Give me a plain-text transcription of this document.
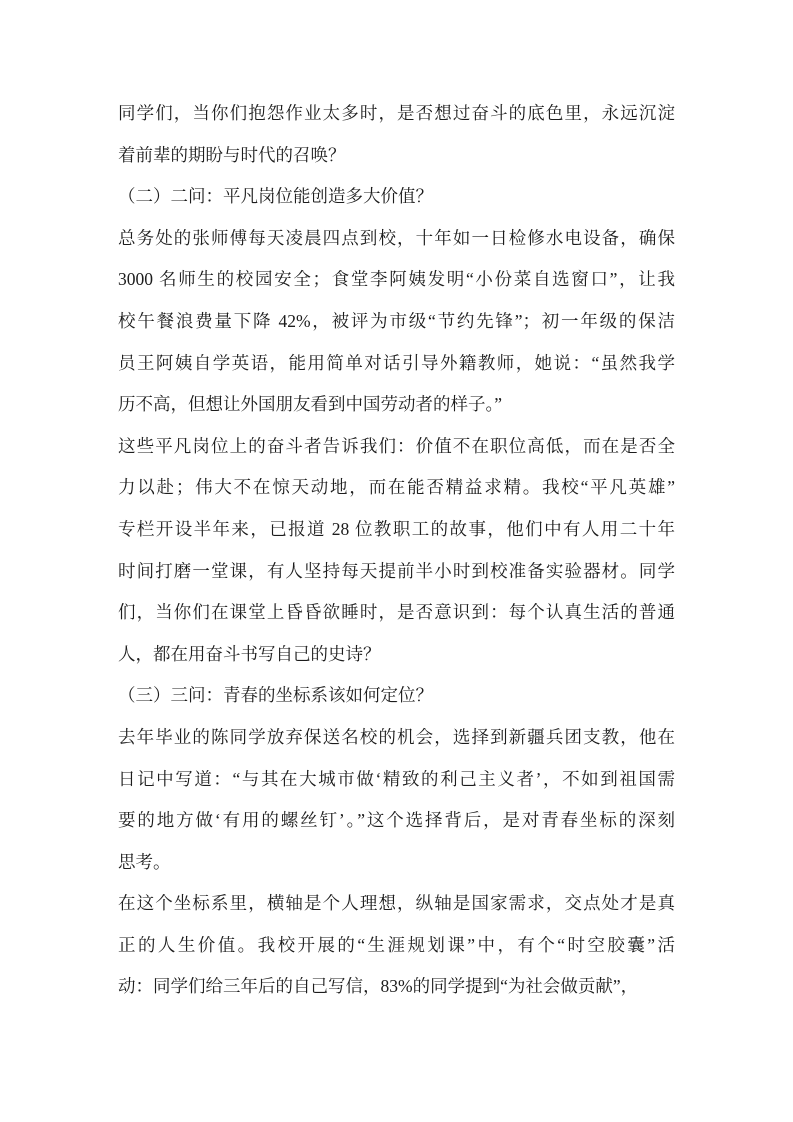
同学们，当你们抱怨作业太多时，是否想过奋斗的底色里，永远沉淀
着前辈的期盼与时代的召唤？
（二）二问：平凡岗位能创造多大价值？
总务处的张师傅每天凌晨四点到校，十年如一日检修水电设备，确保
3000 名师生的校园安全；食堂李阿姨发明“小份菜自选窗口”，让我
校午餐浪费量下降 42%，被评为市级“节约先锋”；初一年级的保洁
员王阿姨自学英语，能用简单对话引导外籍教师，她说：“虽然我学
历不高，但想让外国朋友看到中国劳动者的样子。”
这些平凡岗位上的奋斗者告诉我们：价值不在职位高低，而在是否全
力以赴；伟大不在惊天动地，而在能否精益求精。我校“平凡英雄”
专栏开设半年来，已报道 28 位教职工的故事，他们中有人用二十年
时间打磨一堂课，有人坚持每天提前半小时到校准备实验器材。同学
们，当你们在课堂上昏昏欲睡时，是否意识到：每个认真生活的普通
人，都在用奋斗书写自己的史诗？
（三）三问：青春的坐标系该如何定位？
去年毕业的陈同学放弃保送名校的机会，选择到新疆兵团支教，他在
日记中写道：“与其在大城市做‘精致的利己主义者’，不如到祖国需
要的地方做‘有用的螺丝钉’。”这个选择背后，是对青春坐标的深刻
思考。
在这个坐标系里，横轴是个人理想，纵轴是国家需求，交点处才是真
正的人生价值。我校开展的“生涯规划课”中，有个“时空胶囊”活
动：同学们给三年后的自己写信，83%的同学提到“为社会做贡献”，
